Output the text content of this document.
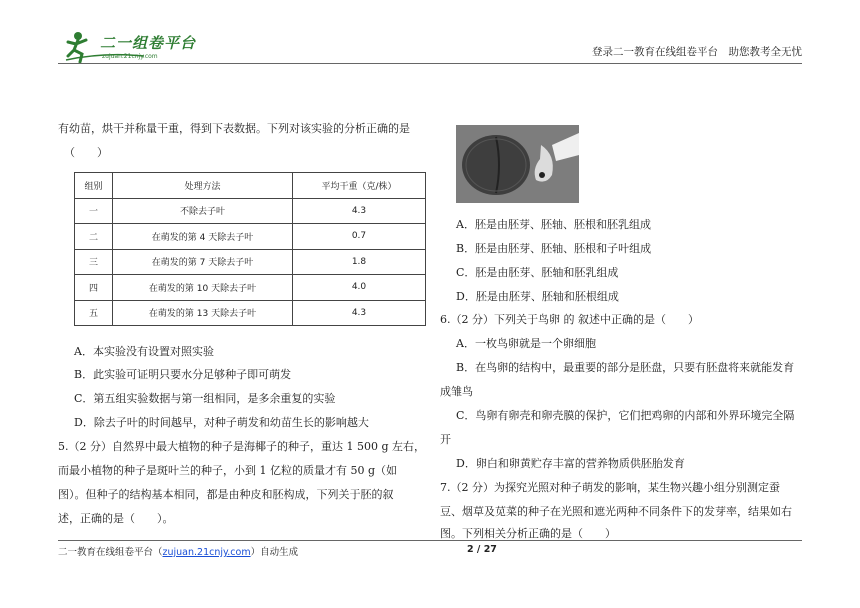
二一组卷平台
zujuan.21cnjy.com	登录二一教育在线组卷平台　助您教考全无忧
有幼苗，烘干并称量干重，得到下表数据。下列对该实验的分析正确的是
（　　）
组别	处理方法	平均干重（克/株）
一	不除去子叶	4.3
二	在萌发的第 4 天除去子叶	0.7
三	在萌发的第 7 天除去子叶	1.8
四	在萌发的第 10 天除去子叶	4.0
五	在萌发的第 13 天除去子叶	4.3
A．本实验没有设置对照实验
B．此实验可证明只要水分足够种子即可萌发
C．第五组实验数据与第一组相同，是多余重复的实验
D．除去子叶的时间越早，对种子萌发和幼苗生长的影响越大
5.（2 分）自然界中最大植物的种子是海椰子的种子，重达 1 500 g 左右，
而最小植物的种子是斑叶兰的种子，小到 1 亿粒的质量才有 50 g（如
图）。但种子的结构基本相同，都是由种皮和胚构成，下列关于胚的叙
述，正确的是（　　）。
A．胚是由胚芽、胚轴、胚根和胚乳组成
B．胚是由胚芽、胚轴、胚根和子叶组成
C．胚是由胚芽、胚轴和胚乳组成
D．胚是由胚芽、胚轴和胚根组成
6.（2 分）下列关于鸟卵 的 叙述中正确的是（　　）
A．一枚鸟卵就是一个卵细胞
B．在鸟卵的结构中，最重要的部分是胚盘，只要有胚盘将来就能发育
成雏鸟
C．鸟卵有卵壳和卵壳膜的保护，它们把鸡卵的内部和外界环境完全隔
开
D．卵白和卵黄贮存丰富的营养物质供胚胎发育
7.（2 分）为探究光照对种子萌发的影响，某生物兴趣小组分别测定蚕
豆、烟草及苋菜的种子在光照和遮光两种不同条件下的发芽率，结果如右
图。下列相关分析正确的是（　　）
二一教育在线组卷平台（zujuan.21cnjy.com）自动生成	2 / 27
